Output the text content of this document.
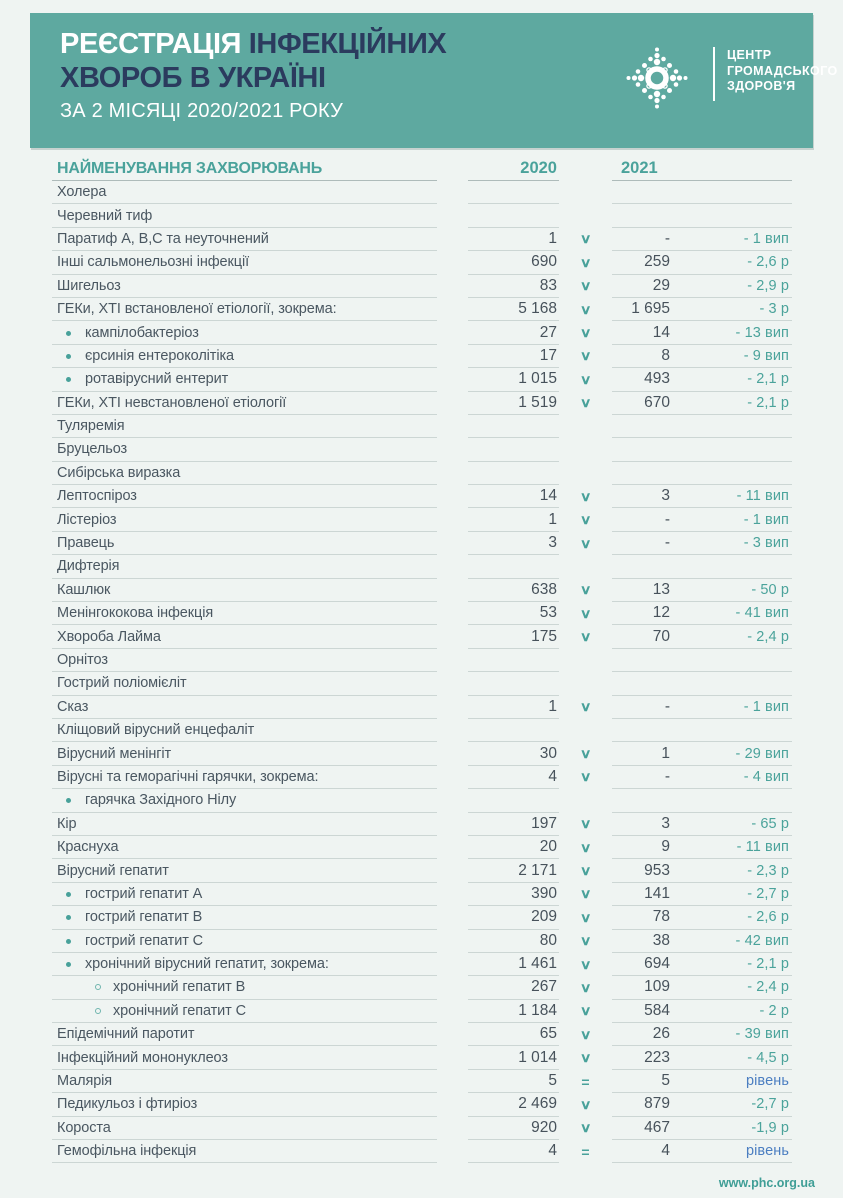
РЕЄСТРАЦІЯ ІНФЕКЦІЙНИХ
ХВОРОБ В УКРАЇНІ
ЗА 2 МІСЯЦІ 2020/2021 РОКУ
ЦЕНТР
ГРОМАДСЬКОГО
ЗДОРОВ'Я
НАЙМЕНУВАННЯ ЗАХВОРЮВАНЬ	2020	2021
Холера
Черевний тиф
Паратиф А, В,С та неуточнений	1 ∨	-	- 1 вип
Інші сальмонельозні інфекції	690 ∨	259	- 2,6 р
Шигельоз	83 ∨	29	- 2,9 р
ГЕКи, ХТІ встановленої етіології, зокрема:	5 168 ∨	1 695	- 3 р
кампілобактеріоз	27 ∨	14	- 13 вип
єрсинія ентероколітіка	17 ∨	8	- 9 вип
ротавірусний ентерит	1 015 ∨	493	- 2,1 р
ГЕКи, ХТІ невстановленої етіології	1 519 ∨	670	- 2,1 р
Туляремія
Бруцельоз
Сибірська виразка
Лептоспіроз	14 ∨	3	- 11 вип
Лістеріоз	1 ∨	-	- 1 вип
Правець	3 ∨	-	- 3 вип
Дифтерія
Кашлюк	638 ∨	13	- 50 р
Менінгококова інфекція	53 ∨	12	- 41 вип
Хвороба Лайма	175 ∨	70	- 2,4 р
Орнітоз
Гострий поліомієліт
Сказ	1 ∨	-	- 1 вип
Кліщовий вірусний енцефаліт
Вірусний менінгіт	30 ∨	1	- 29 вип
Вірусні та геморагічні гарячки, зокрема:	4 ∨	-	- 4 вип
гарячка Західного Нілу
Кір	197 ∨	3	- 65 р
Краснуха	20 ∨	9	- 11 вип
Вірусний гепатит	2 171 ∨	953	- 2,3 р
гострий гепатит А	390 ∨	141	- 2,7 р
гострий гепатит В	209 ∨	78	- 2,6 р
гострий гепатит С	80 ∨	38	- 42 вип
хронічний вірусний гепатит, зокрема:	1 461 ∨	694	- 2,1 р
хронічний гепатит В	267 ∨	109	- 2,4 р
хронічний гепатит С	1 184 ∨	584	- 2 р
Епідемічний паротит	65 ∨	26	- 39 вип
Інфекційний мононуклеоз	1 014 ∨	223	- 4,5 р
Малярія	5 =	5	рівень
Педикульоз і фтиріоз	2 469 ∨	879	-2,7 р
Короста	920 ∨	467	-1,9 р
Гемофільна інфекція	4 =	4	рівень
www.phc.org.ua
